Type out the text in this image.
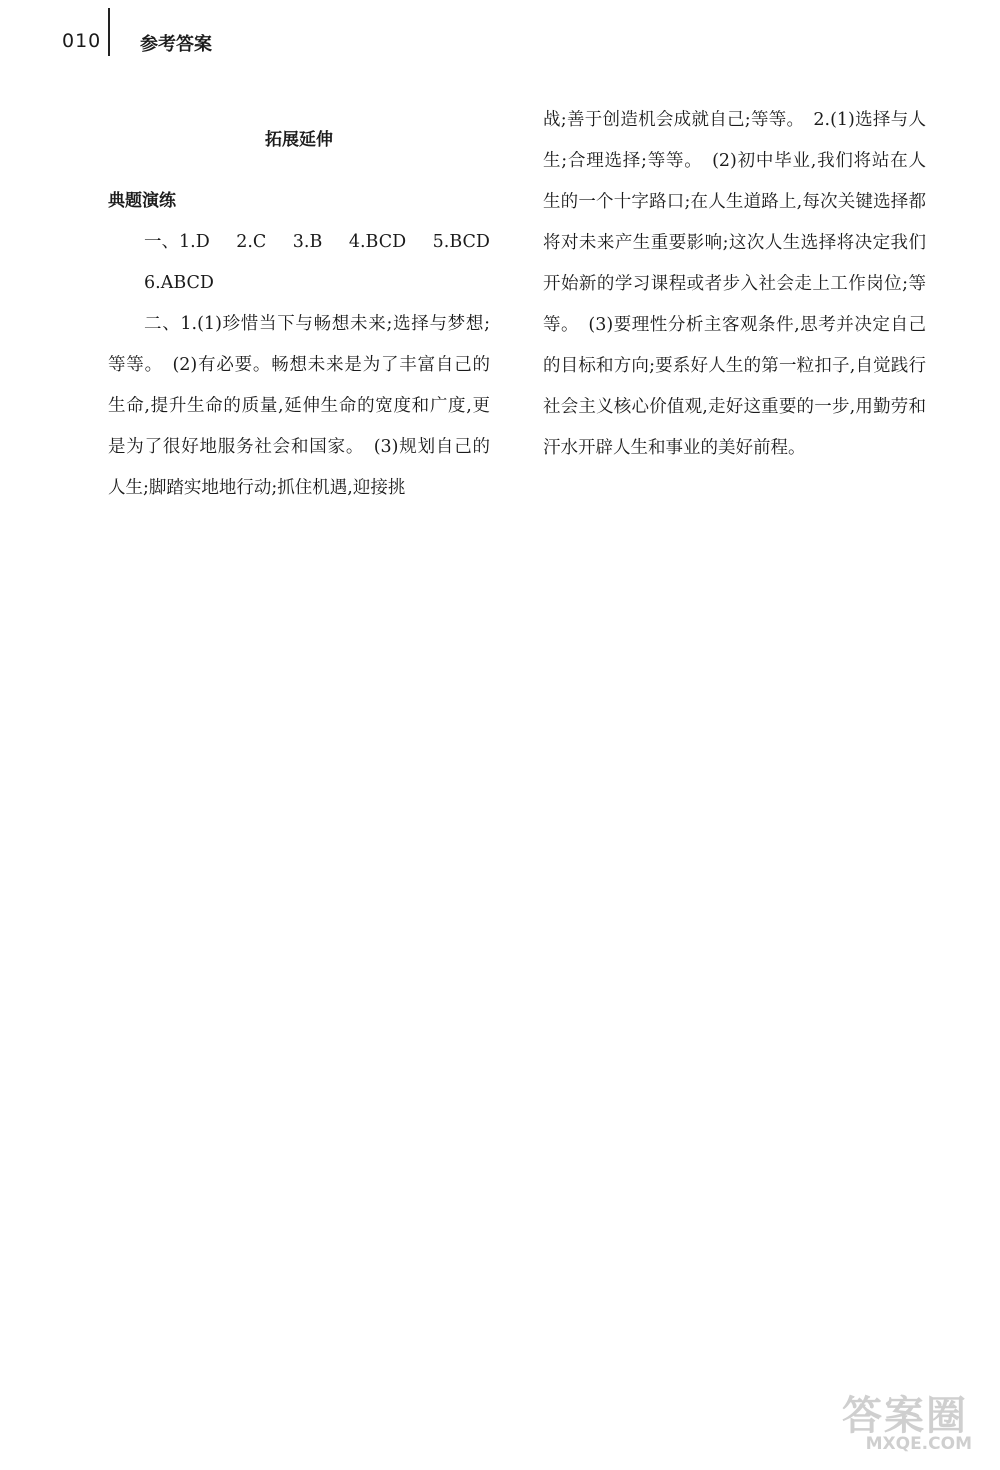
010 参考答案
拓展延伸
典题演练
一、1.D 2.C 3.B 4.BCD 5.BCD
6.ABCD

二、1.(1)珍惜当下与畅想未来;选择与梦想;等等。　(2)有必要。畅想未来是为了丰富自己的生命,提升生命的质量,延伸生命的宽度和广度,更是为了很好地服务社会和国家。　(3)规划自己的人生;脚踏实地地行动;抓住机遇,迎接挑

战;善于创造机会成就自己;等等。　2.(1)选择与人生;合理选择;等等。　(2)初中毕业,我们将站在人生的一个十字路口;在人生道路上,每次关键选择都将对未来产生重要影响;这次人生选择将决定我们开始新的学习课程或者步入社会走上工作岗位;等等。　(3)要理性分析主客观条件,思考并决定自己的目标和方向;要系好人生的第一粒扣子,自觉践行社会主义核心价值观,走好这重要的一步,用勤劳和汗水开辟人生和事业的美好前程。

答案圈
MXQE.COM
